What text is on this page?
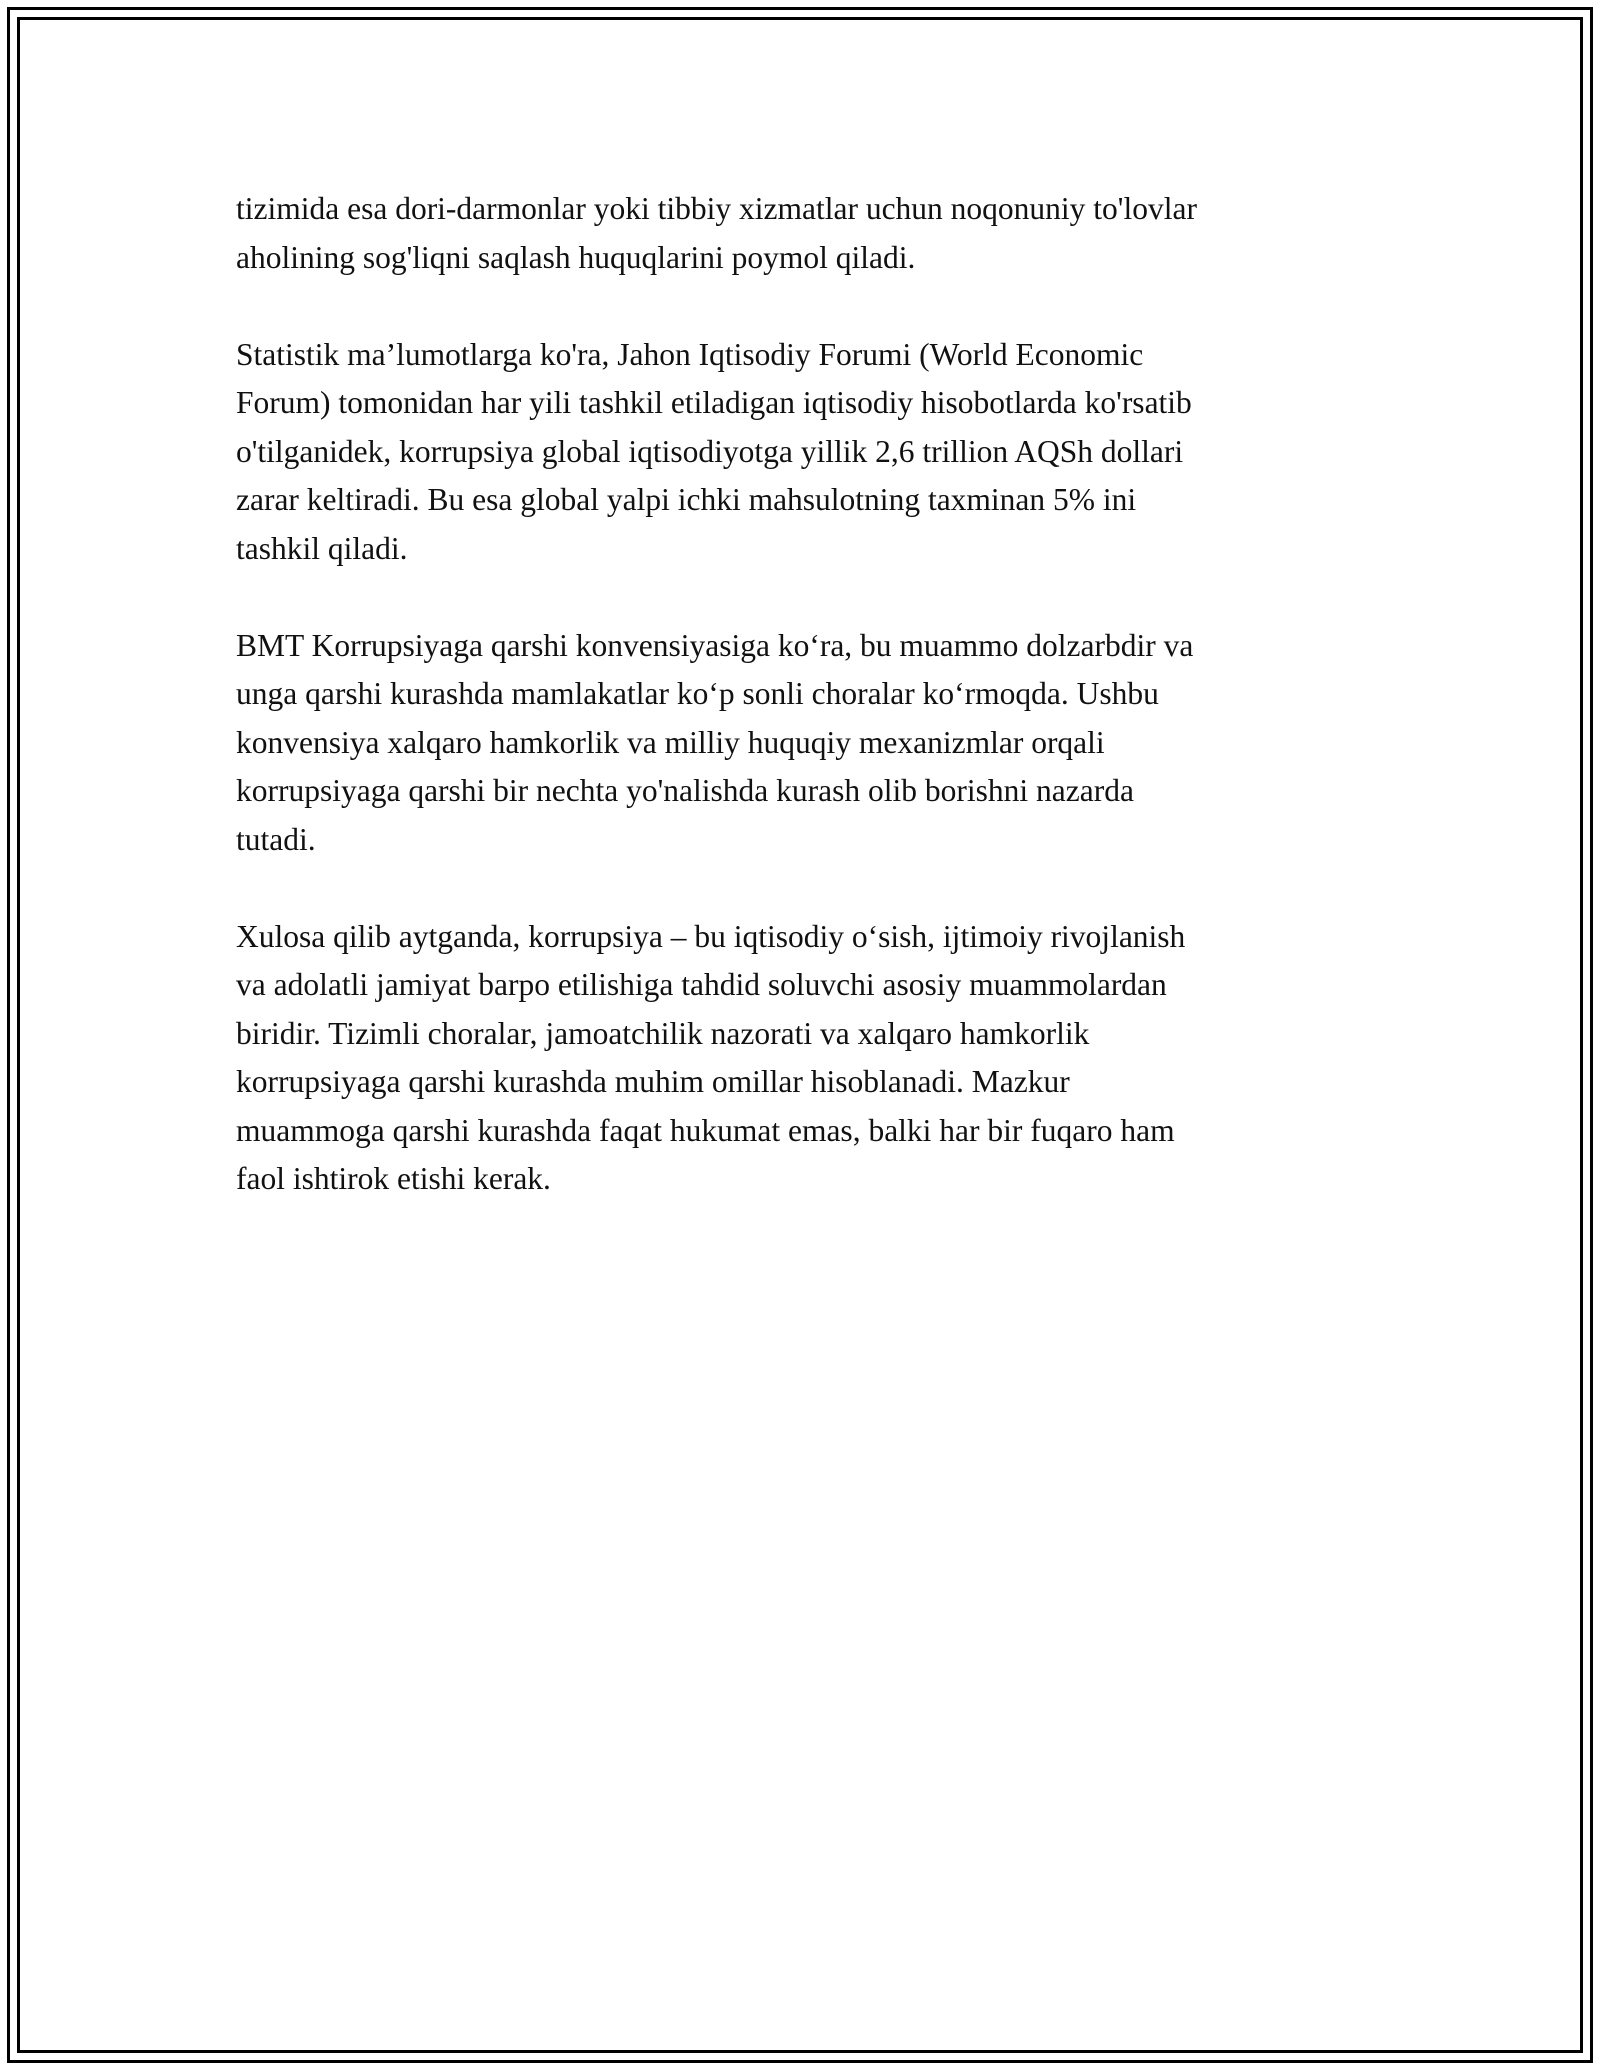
tizimida esa dori-darmonlar yoki tibbiy xizmatlar uchun noqonuniy to'lovlar
aholining sog'liqni saqlash huquqlarini poymol qiladi.

Statistik ma’lumotlarga ko'ra, Jahon Iqtisodiy Forumi (World Economic
Forum) tomonidan har yili tashkil etiladigan iqtisodiy hisobotlarda ko'rsatib
o'tilganidek, korrupsiya global iqtisodiyotga yillik 2,6 trillion AQSh dollari
zarar keltiradi. Bu esa global yalpi ichki mahsulotning taxminan 5% ini
tashkil qiladi.

BMT Korrupsiyaga qarshi konvensiyasiga ko‘ra, bu muammo dolzarbdir va
unga qarshi kurashda mamlakatlar ko‘p sonli choralar ko‘rmoqda. Ushbu
konvensiya xalqaro hamkorlik va milliy huquqiy mexanizmlar orqali
korrupsiyaga qarshi bir nechta yo'nalishda kurash olib borishni nazarda
tutadi.

Xulosa qilib aytganda, korrupsiya – bu iqtisodiy o‘sish, ijtimoiy rivojlanish
va adolatli jamiyat barpo etilishiga tahdid soluvchi asosiy muammolardan
biridir. Tizimli choralar, jamoatchilik nazorati va xalqaro hamkorlik
korrupsiyaga qarshi kurashda muhim omillar hisoblanadi. Mazkur
muammoga qarshi kurashda faqat hukumat emas, balki har bir fuqaro ham
faol ishtirok etishi kerak.
